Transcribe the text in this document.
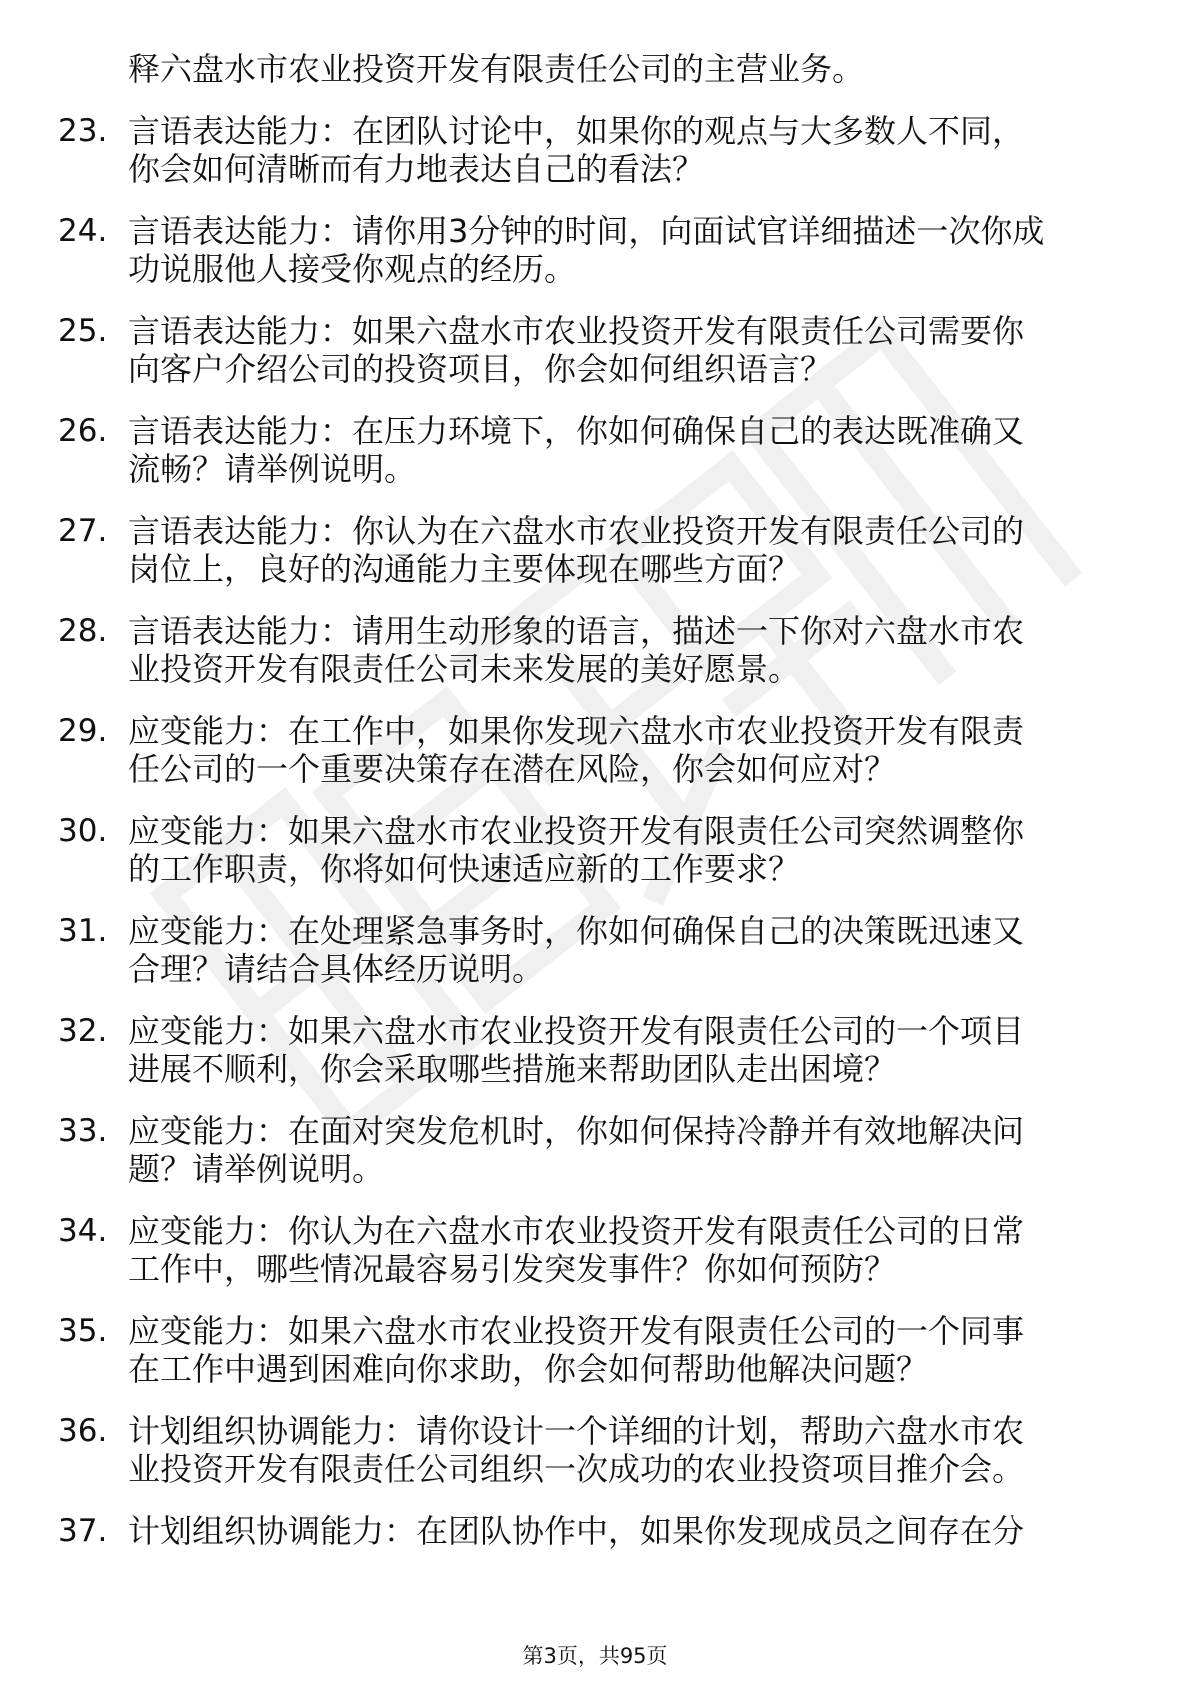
释六盘水市农业投资开发有限责任公司的主营业务。
23. 言语表达能力：在团队讨论中，如果你的观点与大多数人不同，
你会如何清晰而有力地表达自己的看法？
24. 言语表达能力：请你用3分钟的时间，向面试官详细描述一次你成
功说服他人接受你观点的经历。
25. 言语表达能力：如果六盘水市农业投资开发有限责任公司需要你
向客户介绍公司的投资项目，你会如何组织语言？
26. 言语表达能力：在压力环境下，你如何确保自己的表达既准确又
流畅？请举例说明。
27. 言语表达能力：你认为在六盘水市农业投资开发有限责任公司的
岗位上，良好的沟通能力主要体现在哪些方面？
28. 言语表达能力：请用生动形象的语言，描述一下你对六盘水市农
业投资开发有限责任公司未来发展的美好愿景。
29. 应变能力：在工作中，如果你发现六盘水市农业投资开发有限责
任公司的一个重要决策存在潜在风险，你会如何应对？
30. 应变能力：如果六盘水市农业投资开发有限责任公司突然调整你
的工作职责，你将如何快速适应新的工作要求？
31. 应变能力：在处理紧急事务时，你如何确保自己的决策既迅速又
合理？请结合具体经历说明。
32. 应变能力：如果六盘水市农业投资开发有限责任公司的一个项目
进展不顺利，你会采取哪些措施来帮助团队走出困境？
33. 应变能力：在面对突发危机时，你如何保持冷静并有效地解决问
题？请举例说明。
34. 应变能力：你认为在六盘水市农业投资开发有限责任公司的日常
工作中，哪些情况最容易引发突发事件？你如何预防？
35. 应变能力：如果六盘水市农业投资开发有限责任公司的一个同事
在工作中遇到困难向你求助，你会如何帮助他解决问题？
36. 计划组织协调能力：请你设计一个详细的计划，帮助六盘水市农
业投资开发有限责任公司组织一次成功的农业投资项目推介会。
37. 计划组织协调能力：在团队协作中，如果你发现成员之间存在分
第3页，共95页
